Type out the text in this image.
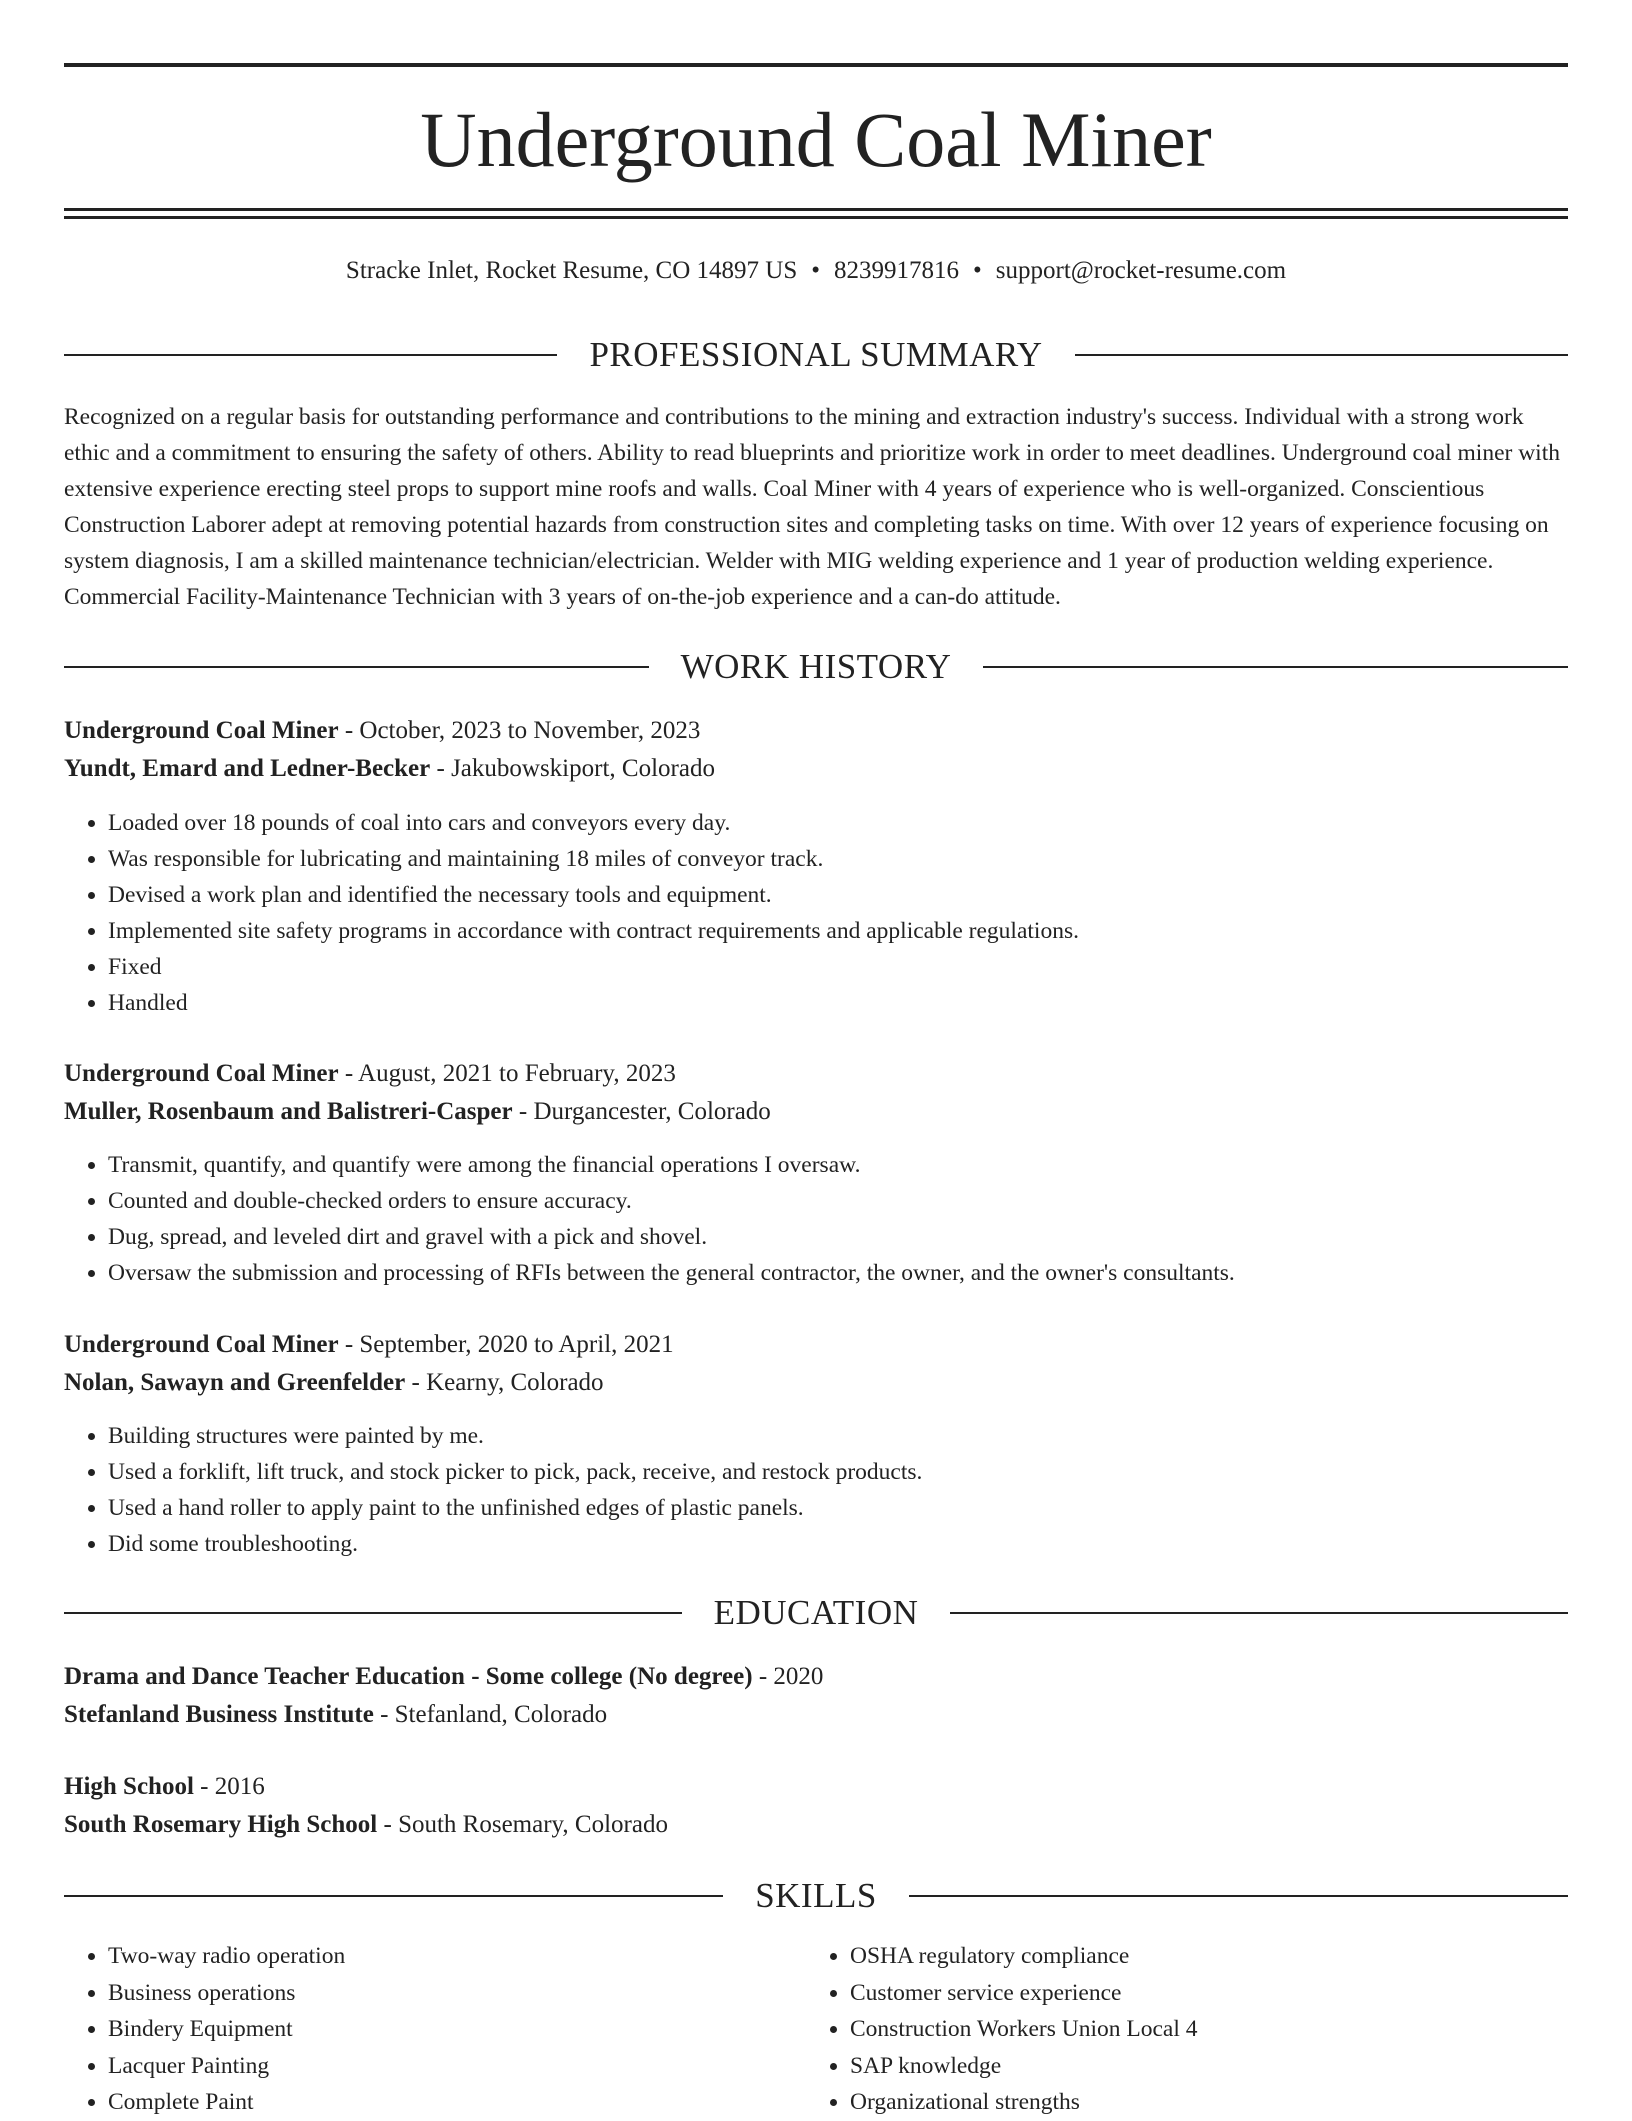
Underground Coal Miner
Stracke Inlet, Rocket Resume, CO 14897 US • 8239917816 • support@rocket-resume.com
PROFESSIONAL SUMMARY

Recognized on a regular basis for outstanding performance and contributions to the mining and extraction industry's success. Individual with a strong work ethic and a commitment to ensuring the safety of others. Ability to read blueprints and prioritize work in order to meet deadlines. Underground coal miner with extensive experience erecting steel props to support mine roofs and walls. Coal Miner with 4 years of experience who is well-organized. Conscientious Construction Laborer adept at removing potential hazards from construction sites and completing tasks on time. With over 12 years of experience focusing on system diagnosis, I am a skilled maintenance technician/electrician. Welder with MIG welding experience and 1 year of production welding experience. Commercial Facility-Maintenance Technician with 3 years of on-the-job experience and a can-do attitude.

WORK HISTORY
Underground Coal Miner - October, 2023 to November, 2023
Yundt, Emard and Ledner-Becker - Jakubowskiport, Colorado
• Loaded over 18 pounds of coal into cars and conveyors every day.
• Was responsible for lubricating and maintaining 18 miles of conveyor track.
• Devised a work plan and identified the necessary tools and equipment.
• Implemented site safety programs in accordance with contract requirements and applicable regulations.
• Fixed
• Handled
Underground Coal Miner - August, 2021 to February, 2023
Muller, Rosenbaum and Balistreri-Casper - Durgancester, Colorado
• Transmit, quantify, and quantify were among the financial operations I oversaw.
• Counted and double-checked orders to ensure accuracy.
• Dug, spread, and leveled dirt and gravel with a pick and shovel.
• Oversaw the submission and processing of RFIs between the general contractor, the owner, and the owner's consultants.
Underground Coal Miner - September, 2020 to April, 2021
Nolan, Sawayn and Greenfelder - Kearny, Colorado
• Building structures were painted by me.
• Used a forklift, lift truck, and stock picker to pick, pack, receive, and restock products.
• Used a hand roller to apply paint to the unfinished edges of plastic panels.
• Did some troubleshooting.
EDUCATION
Drama and Dance Teacher Education - Some college (No degree) - 2020
Stefanland Business Institute - Stefanland, Colorado
High School - 2016
South Rosemary High School - South Rosemary, Colorado
SKILLS
• Two-way radio operation
• Business operations
• Bindery Equipment
• Lacquer Painting
• Complete Paint
• OSHA regulatory compliance
• Customer service experience
• Construction Workers Union Local 4
• SAP knowledge
• Organizational strengths
